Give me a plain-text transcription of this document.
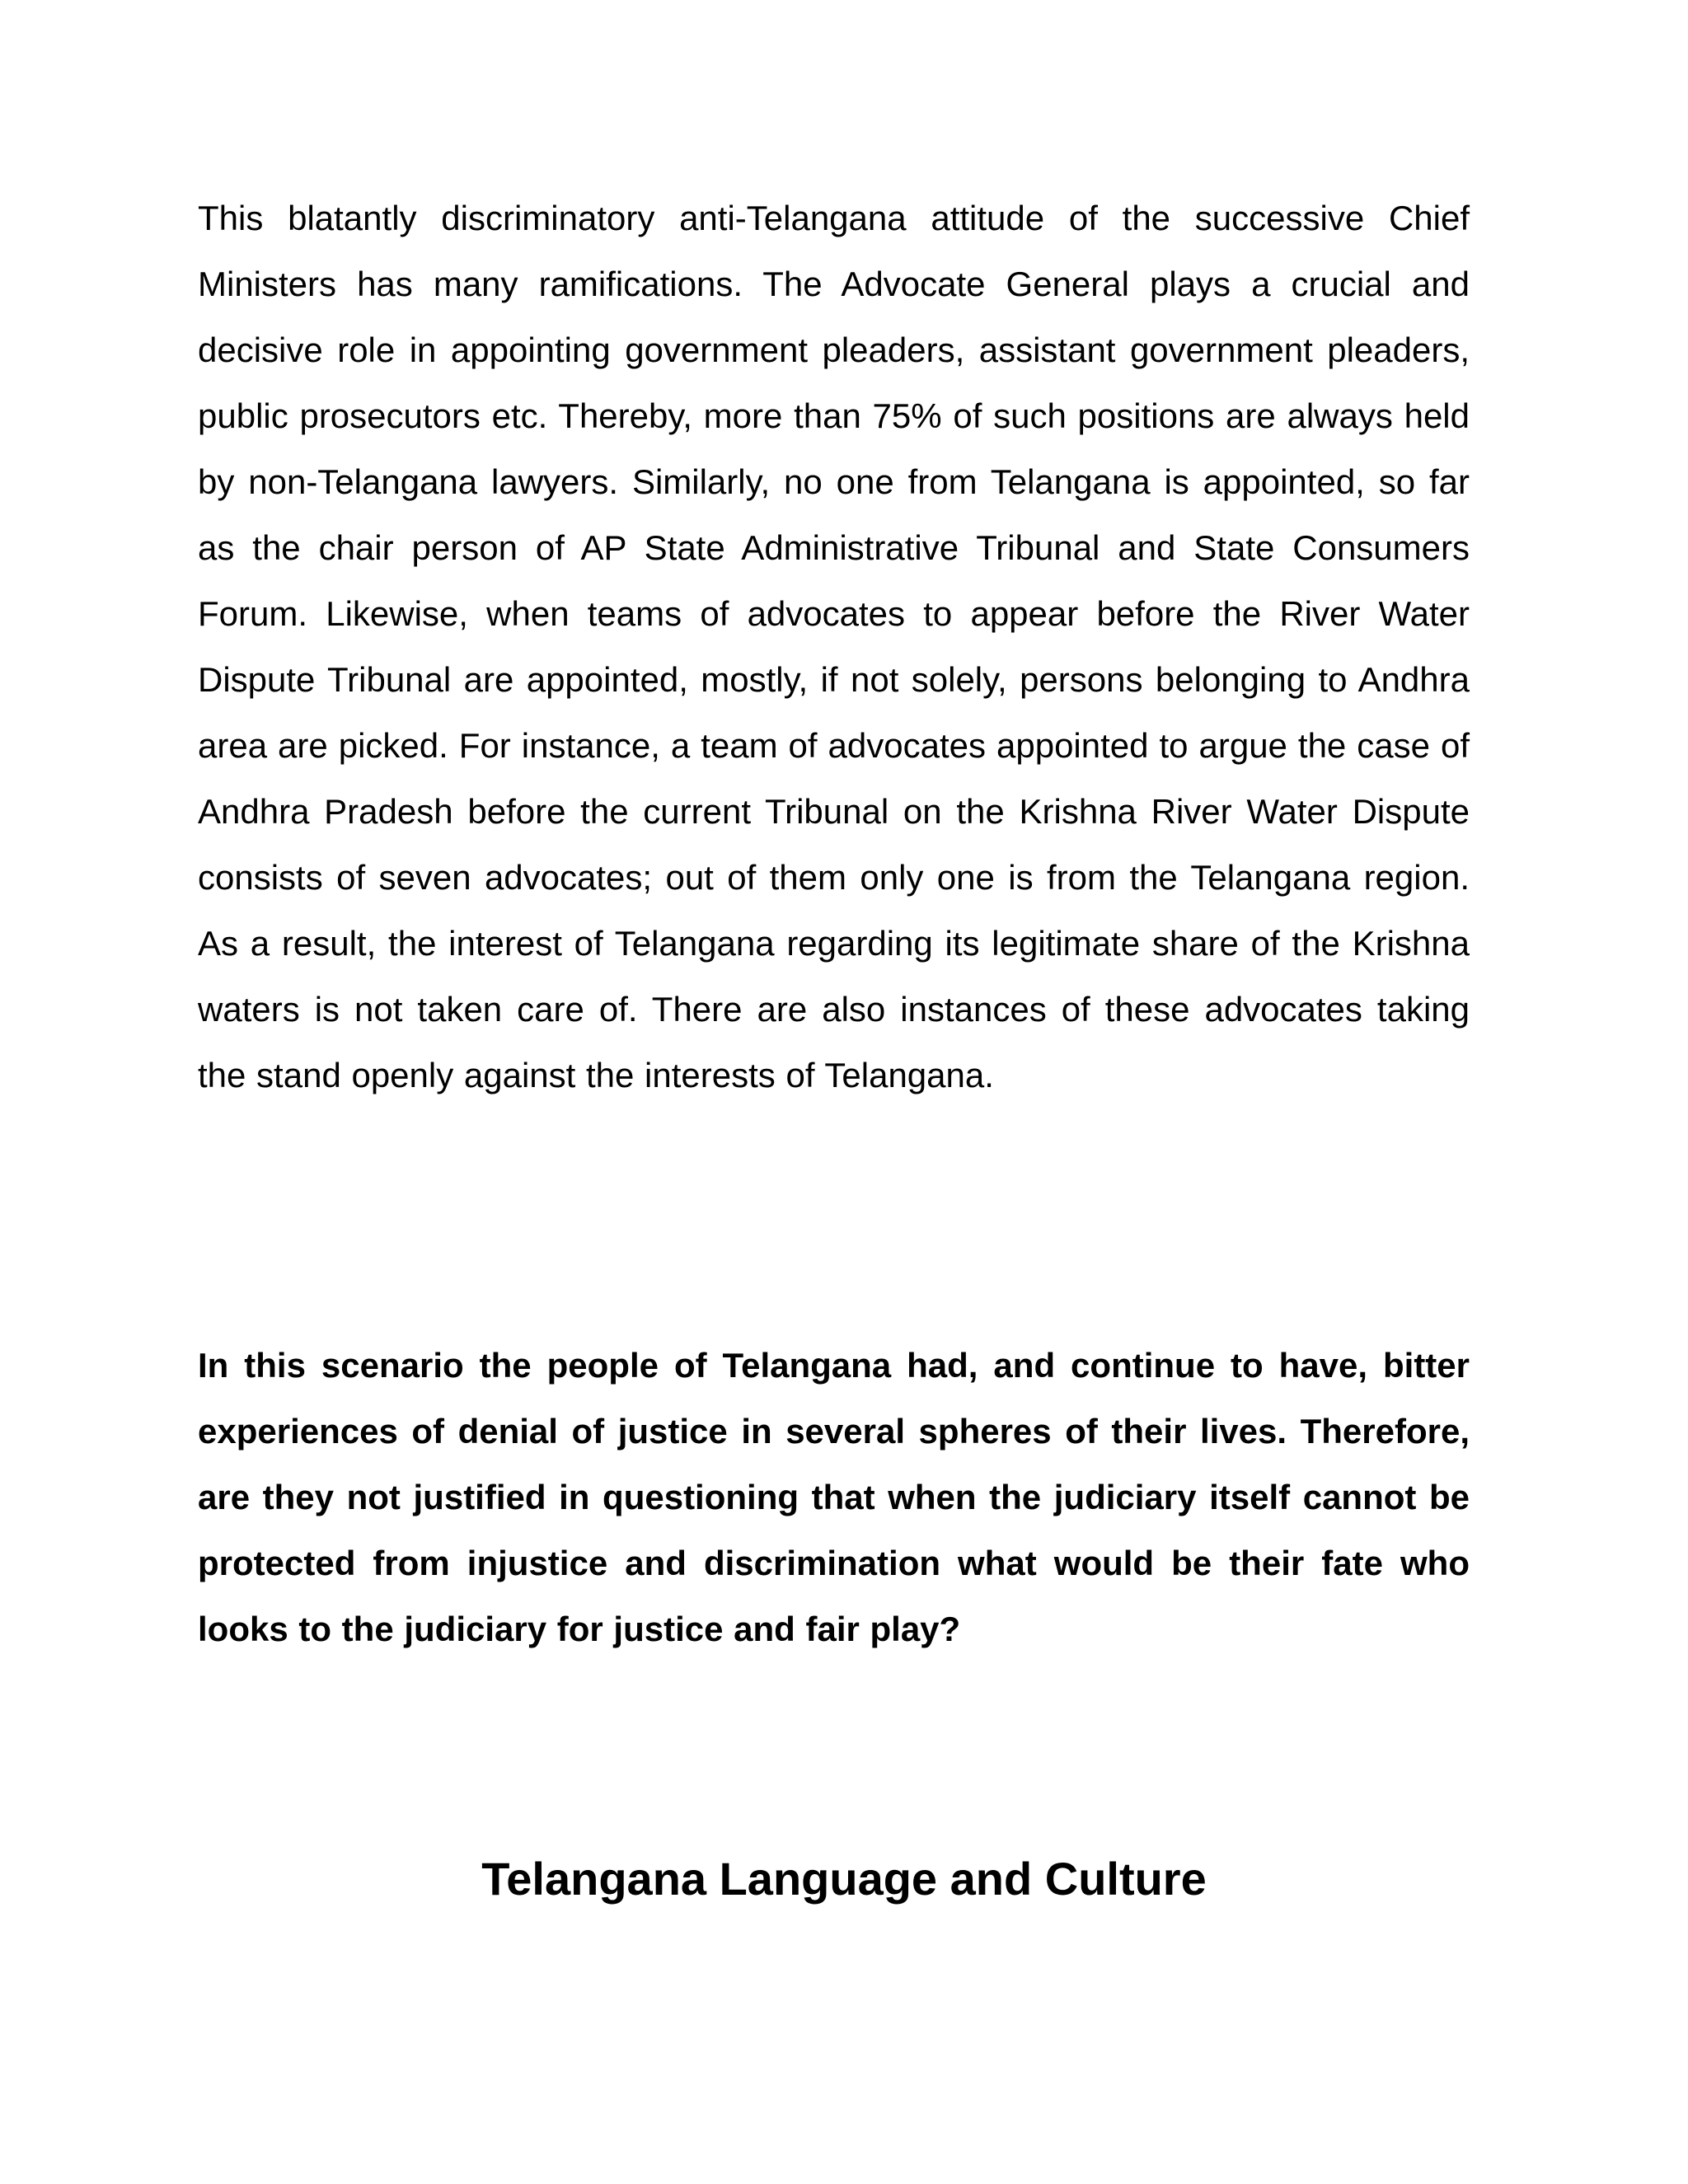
This blatantly discriminatory anti-Telangana attitude of the successive Chief Ministers has many ramifications. The Advocate General plays a crucial and decisive role in appointing government pleaders, assistant government pleaders, public prosecutors etc. Thereby, more than 75% of such positions are always held by non-Telangana lawyers. Similarly, no one from Telangana is appointed, so far as the chair person of AP State Administrative Tribunal and State Consumers Forum. Likewise, when teams of advocates to appear before the River Water Dispute Tribunal are appointed, mostly, if not solely, persons belonging to Andhra area are picked. For instance, a team of advocates appointed to argue the case of Andhra Pradesh before the current Tribunal on the Krishna River Water Dispute consists of seven advocates; out of them only one is from the Telangana region. As a result, the interest of Telangana regarding its legitimate share of the Krishna waters is not taken care of. There are also instances of these advocates taking the stand openly against the interests of Telangana.

In this scenario the people of Telangana had, and continue to have, bitter experiences of denial of justice in several spheres of their lives. Therefore, are they not justified in questioning that when the judiciary itself cannot be protected from injustice and discrimination what would be their fate who looks to the judiciary for justice and fair play?

Telangana Language and Culture
